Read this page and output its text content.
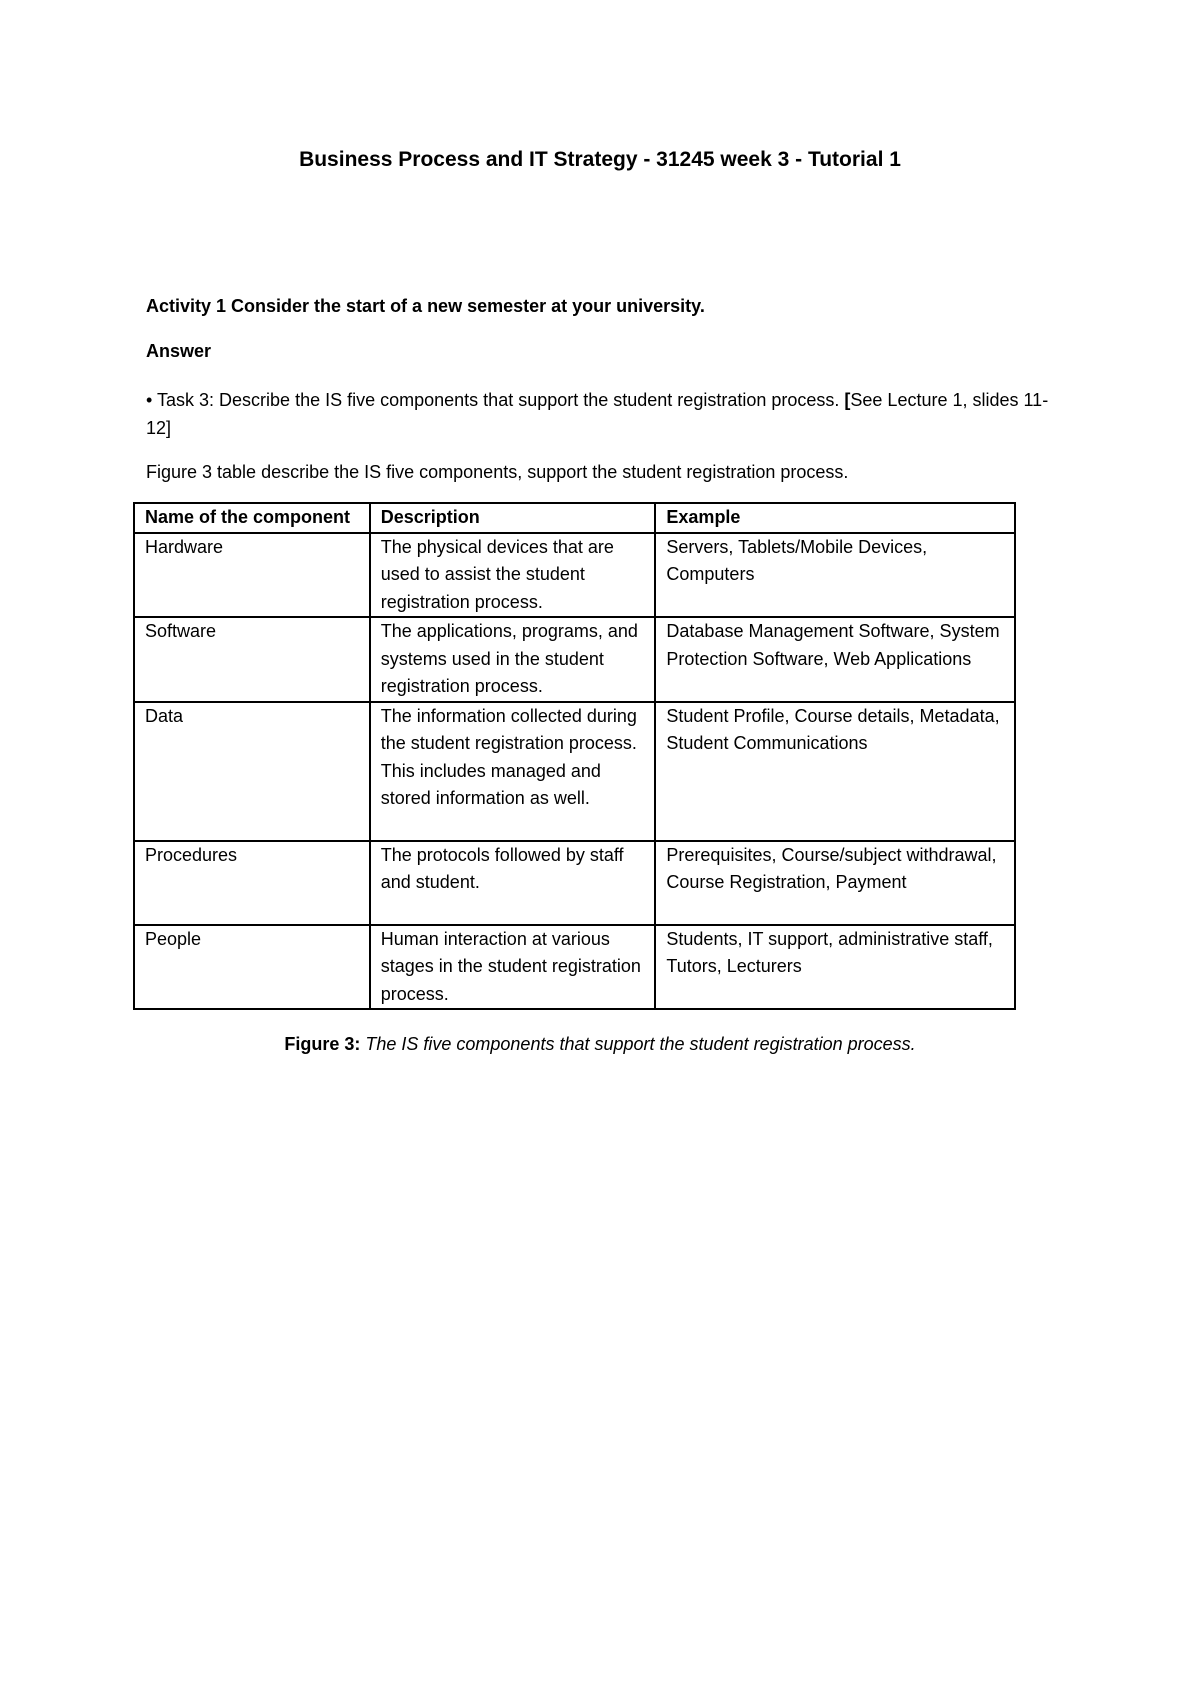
Business Process and IT Strategy - 31245 week 3 - Tutorial 1

Activity 1 Consider the start of a new semester at your university.

Answer

• Task 3: Describe the IS five components that support the student registration process. [See Lecture 1, slides 11-12]

Figure 3 table describe the IS five components, support the student registration process.

Name of the component	Description	Example
Hardware	The physical devices that are used to assist the student registration process.	Servers, Tablets/Mobile Devices, Computers
Software	The applications, programs, and systems used in the student registration process.	Database Management Software, System Protection Software, Web Applications
Data	The information collected during the student registration process. This includes managed and stored information as well.	Student Profile, Course details, Metadata, Student Communications
Procedures	The protocols followed by staff and student.	Prerequisites, Course/subject withdrawal, Course Registration, Payment
People	Human interaction at various stages in the student registration process.	Students, IT support, administrative staff, Tutors, Lecturers

Figure 3: The IS five components that support the student registration process.
